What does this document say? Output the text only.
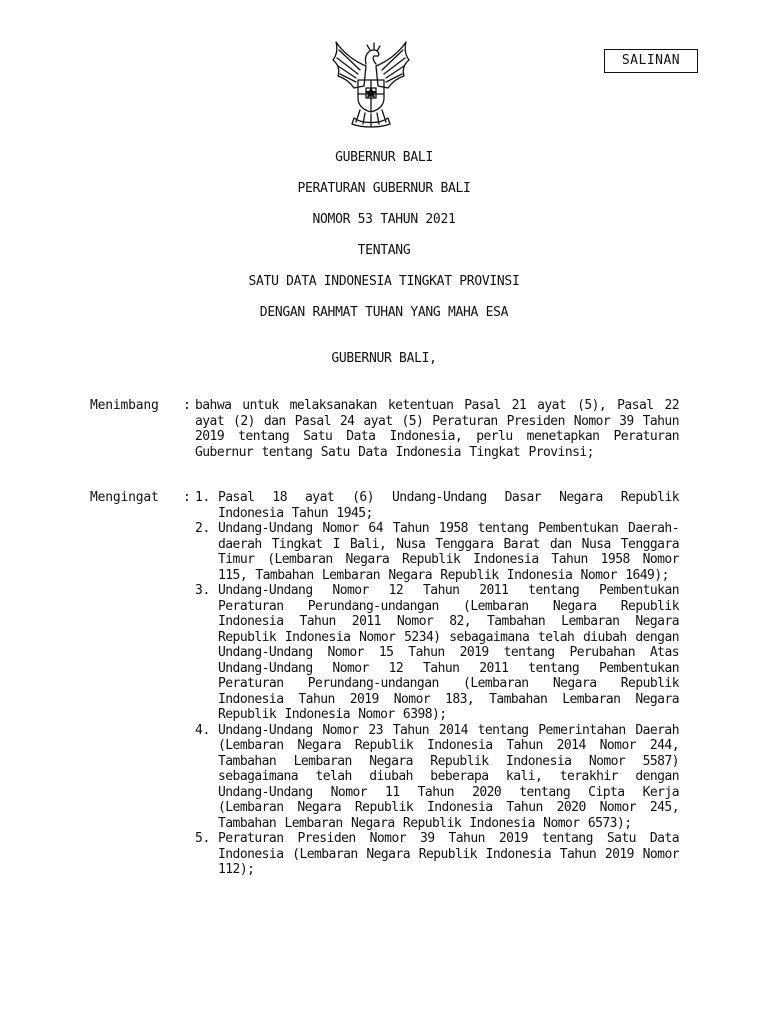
SALINAN
GUBERNUR BALI
PERATURAN GUBERNUR BALI
NOMOR 53 TAHUN 2021
TENTANG
SATU DATA INDONESIA TINGKAT PROVINSI
DENGAN RAHMAT TUHAN YANG MAHA ESA
GUBERNUR BALI,
Menimbang : bahwa untuk melaksanakan ketentuan Pasal 21 ayat (5), Pasal 22 ayat (2) dan Pasal 24 ayat (5) Peraturan Presiden Nomor 39 Tahun 2019 tentang Satu Data Indonesia, perlu menetapkan Peraturan Gubernur tentang Satu Data Indonesia Tingkat Provinsi;
Mengingat : 1. Pasal 18 ayat (6) Undang-Undang Dasar Negara Republik Indonesia Tahun 1945;
2. Undang-Undang Nomor 64 Tahun 1958 tentang Pembentukan Daerah-daerah Tingkat I Bali, Nusa Tenggara Barat dan Nusa Tenggara Timur (Lembaran Negara Republik Indonesia Tahun 1958 Nomor 115, Tambahan Lembaran Negara Republik Indonesia Nomor 1649);
3. Undang-Undang Nomor 12 Tahun 2011 tentang Pembentukan Peraturan Perundang-undangan (Lembaran Negara Republik Indonesia Tahun 2011 Nomor 82, Tambahan Lembaran Negara Republik Indonesia Nomor 5234) sebagaimana telah diubah dengan Undang-Undang Nomor 15 Tahun 2019 tentang Perubahan Atas Undang-Undang Nomor 12 Tahun 2011 tentang Pembentukan Peraturan Perundang-undangan (Lembaran Negara Republik Indonesia Tahun 2019 Nomor 183, Tambahan Lembaran Negara Republik Indonesia Nomor 6398);
4. Undang-Undang Nomor 23 Tahun 2014 tentang Pemerintahan Daerah (Lembaran Negara Republik Indonesia Tahun 2014 Nomor 244, Tambahan Lembaran Negara Republik Indonesia Nomor 5587) sebagaimana telah diubah beberapa kali, terakhir dengan Undang-Undang Nomor 11 Tahun 2020 tentang Cipta Kerja (Lembaran Negara Republik Indonesia Tahun 2020 Nomor 245, Tambahan Lembaran Negara Republik Indonesia Nomor 6573);
5. Peraturan Presiden Nomor 39 Tahun 2019 tentang Satu Data Indonesia (Lembaran Negara Republik Indonesia Tahun 2019 Nomor 112);
